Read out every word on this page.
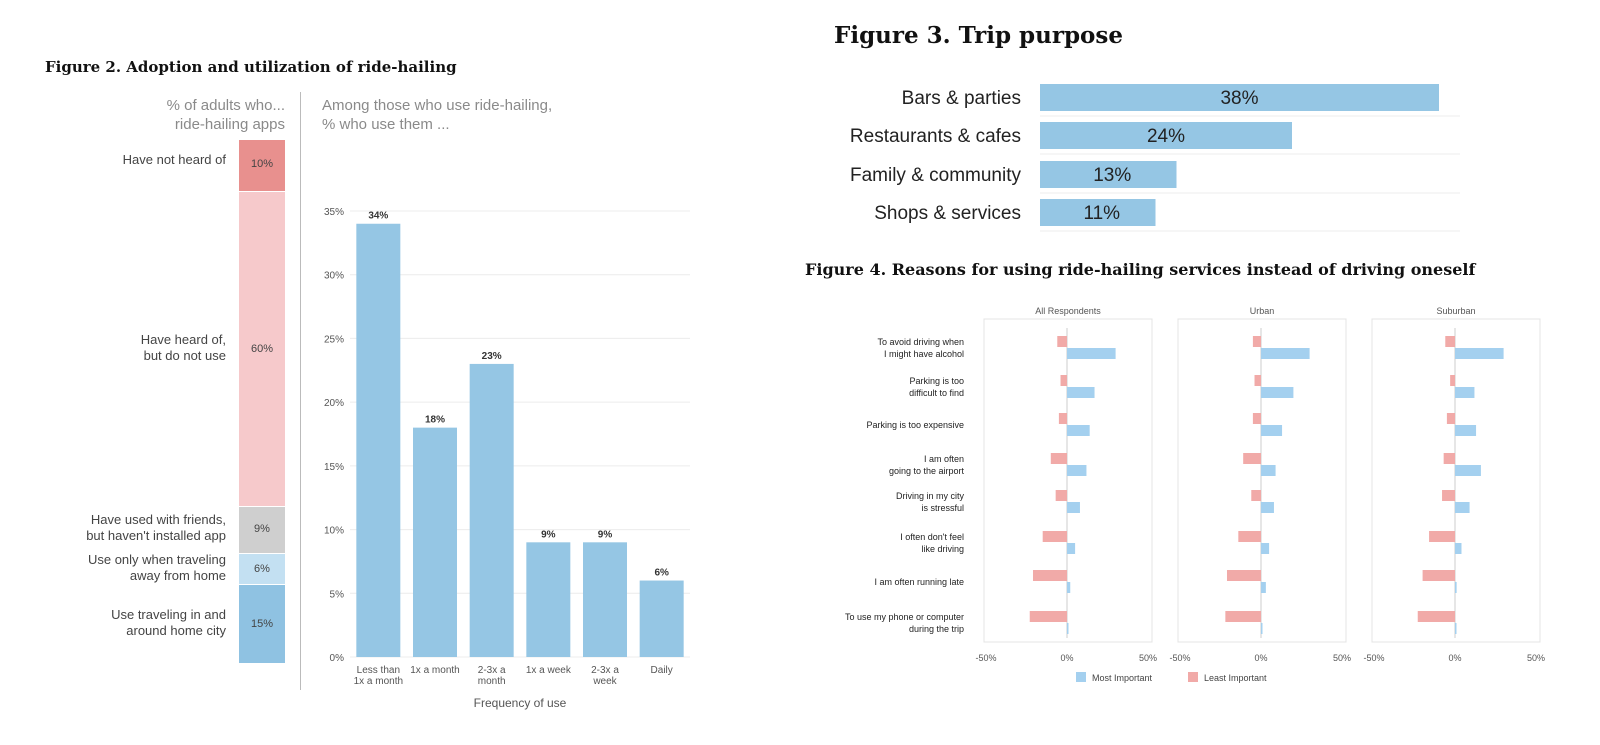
Figure 2. Adoption and utilization of ride-hailing
Figure 3. Trip purpose
Figure 4. Reasons for using ride-hailing services instead of driving oneself
% of adults who...
ride-hailing apps
Among those who use ride-hailing,
% who use them ...
10%
Have not heard of
60%
Have heard of,
but do not use
9%
Have used with friends,
but haven't installed app
6%
Use only when traveling
away from home
15%
Use traveling in and
around home city
0%
5%
10%
15%
20%
25%
30%
35% 34%
Less than 1x a month
18%
1x a month
23%
2-3x a month
9%
1x a week
9%
2-3x a week
6%
Daily
Frequency of use
Bars & parties	38%
Restaurants & cafes	24%
Family & community	13%
Shops & services	11%
All Respondents
-50%	0%	50%
Urban
-50%	0%	50%
Suburban
-50%	0%	50%
To avoid driving when I might have alcohol
Parking is too difficult to find
Parking is too expensive
I am often going to the airport
Driving in my city is stressful
I often don't feel like driving
I am often running late
To use my phone or computer during the trip
Most Important	Least Important
